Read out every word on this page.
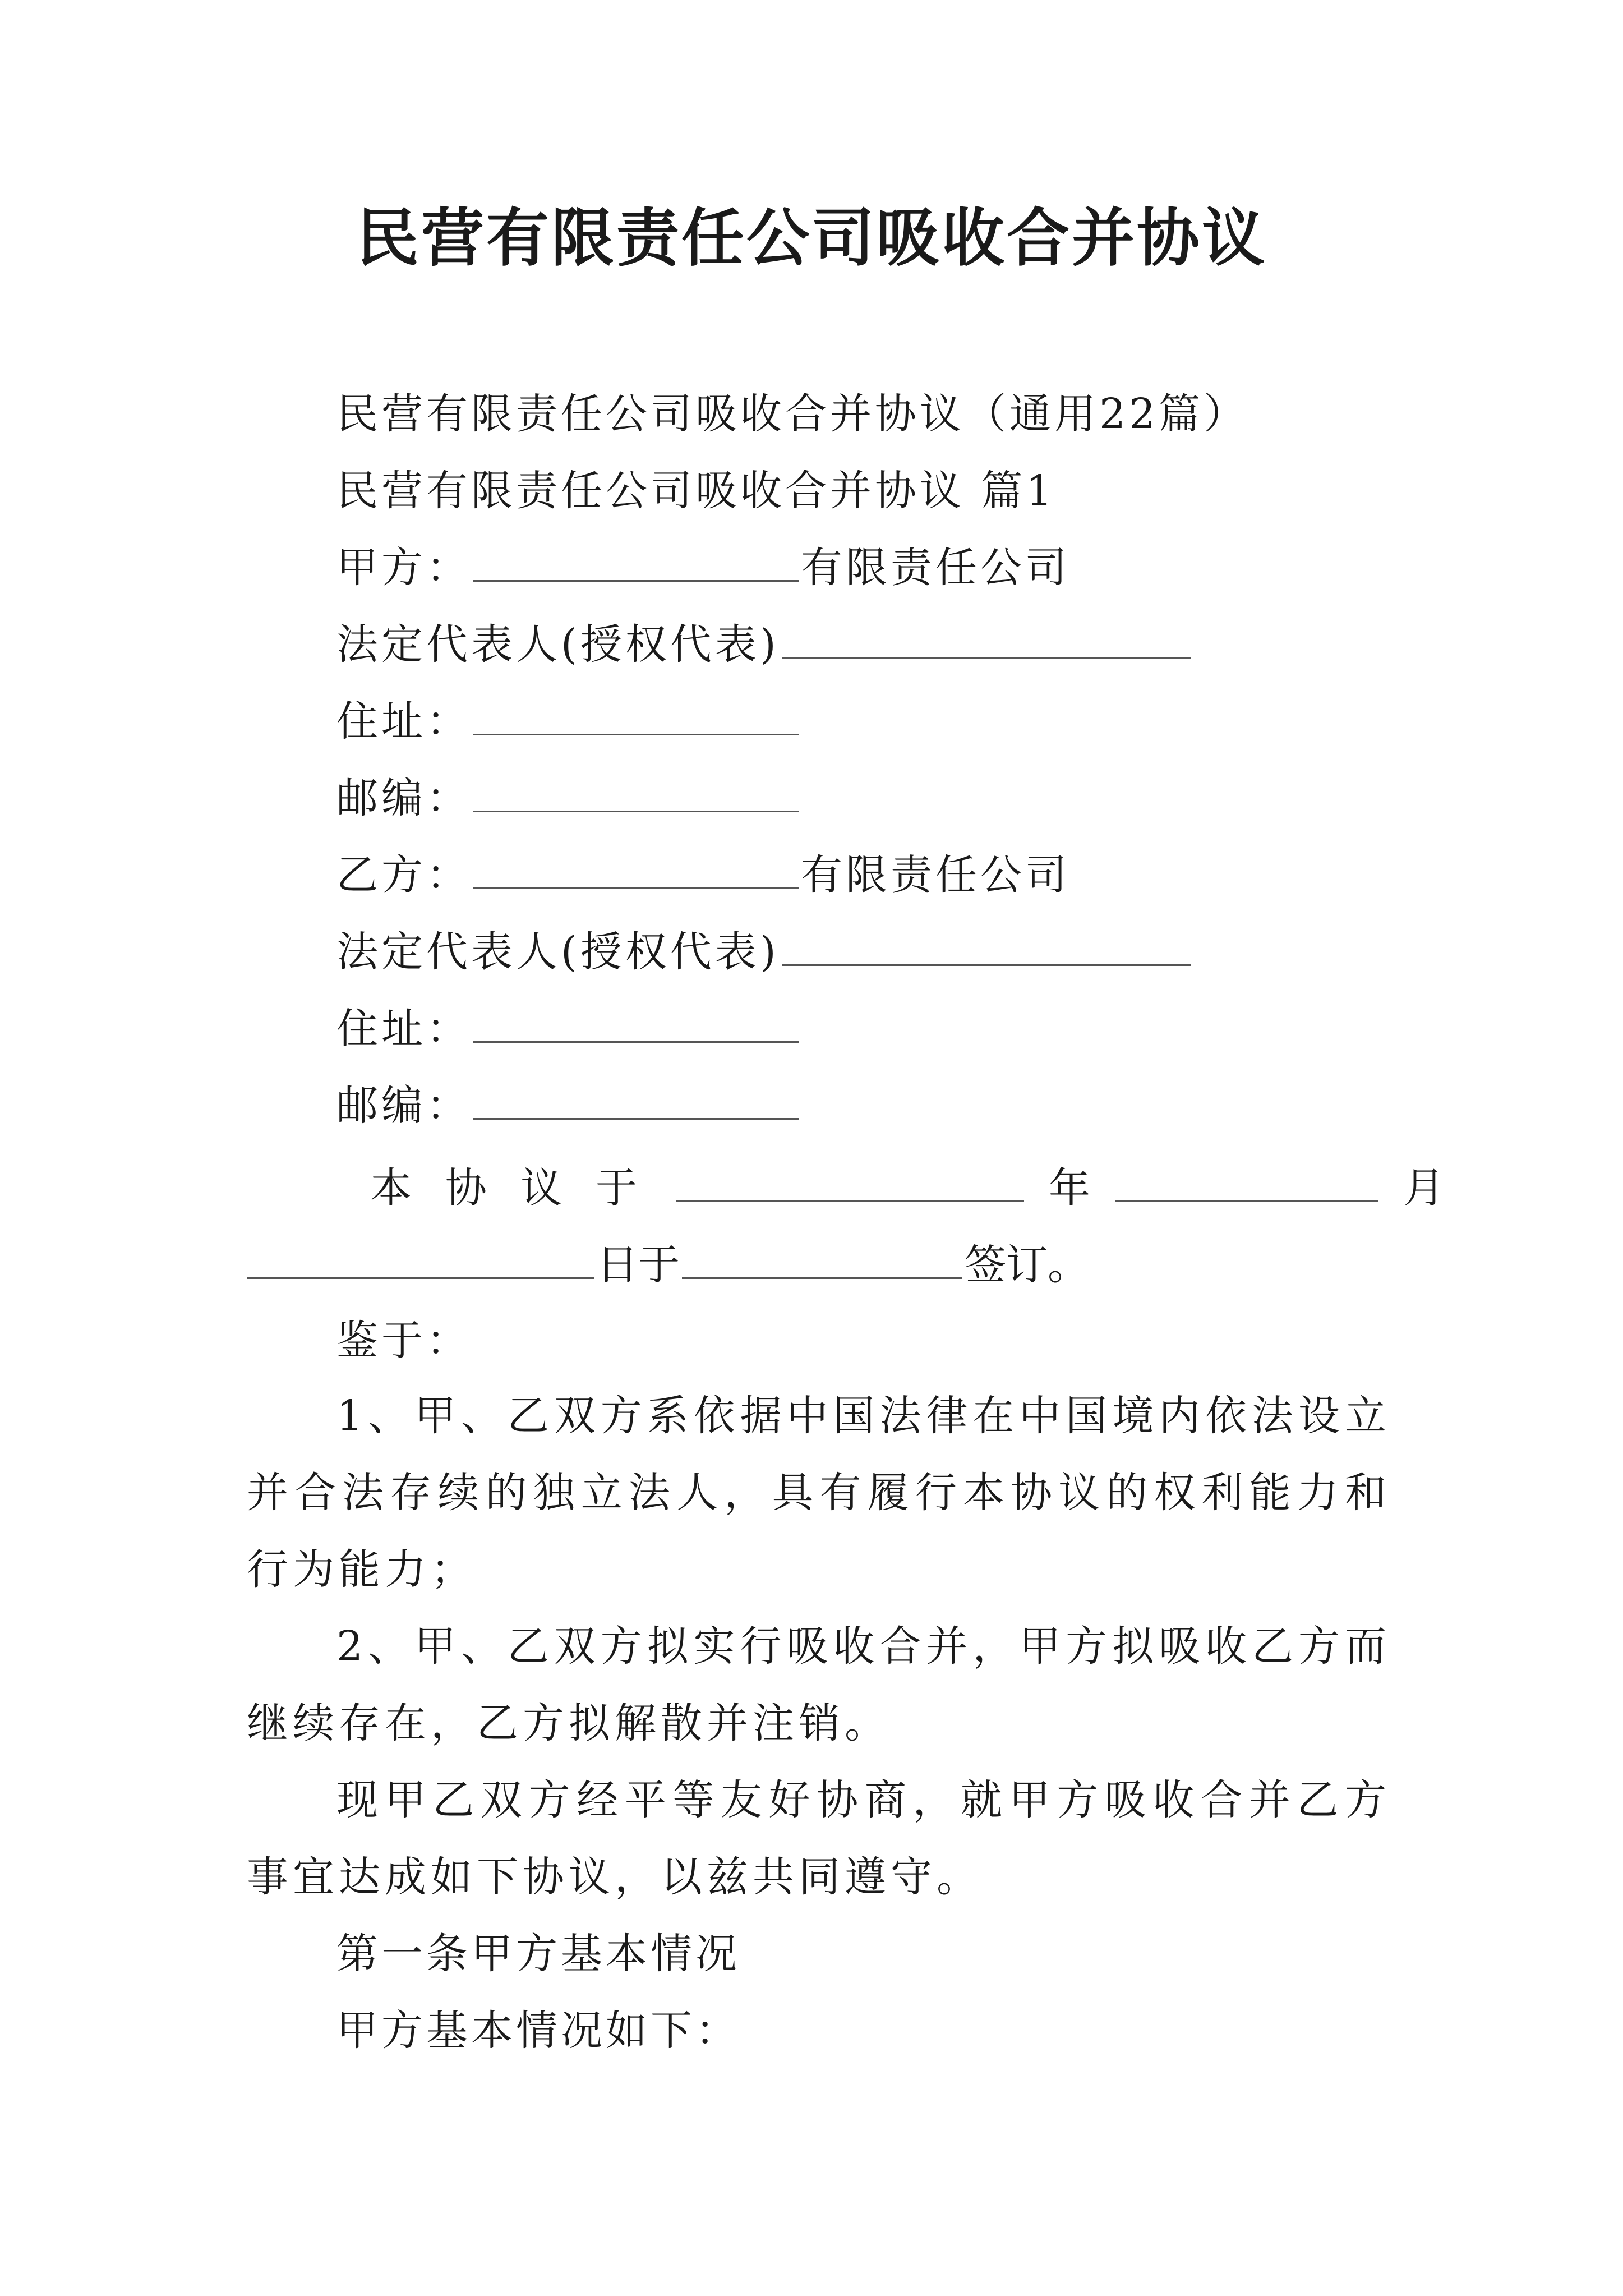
民营有限责任公司吸收合并协议
民营有限责任公司吸收合并协议（通用22篇）
民营有限责任公司吸收合并协议 篇1
甲方：	有限责任公司
法定代表人(授权代表)
住址：
邮编：
乙方：	有限责任公司
法定代表人(授权代表)
住址：
邮编：
本协议于	年	月
日于	签订。
鉴于：
1、甲、乙双方系依据中国法律在中国境内依法设立并合法存续的独立法人，具有履行本协议的权利能力和行为能力；
2、甲、乙双方拟实行吸收合并，甲方拟吸收乙方而继续存在，乙方拟解散并注销。
现甲乙双方经平等友好协商，就甲方吸收合并乙方事宜达成如下协议，以兹共同遵守。
第一条甲方基本情况
甲方基本情况如下：
